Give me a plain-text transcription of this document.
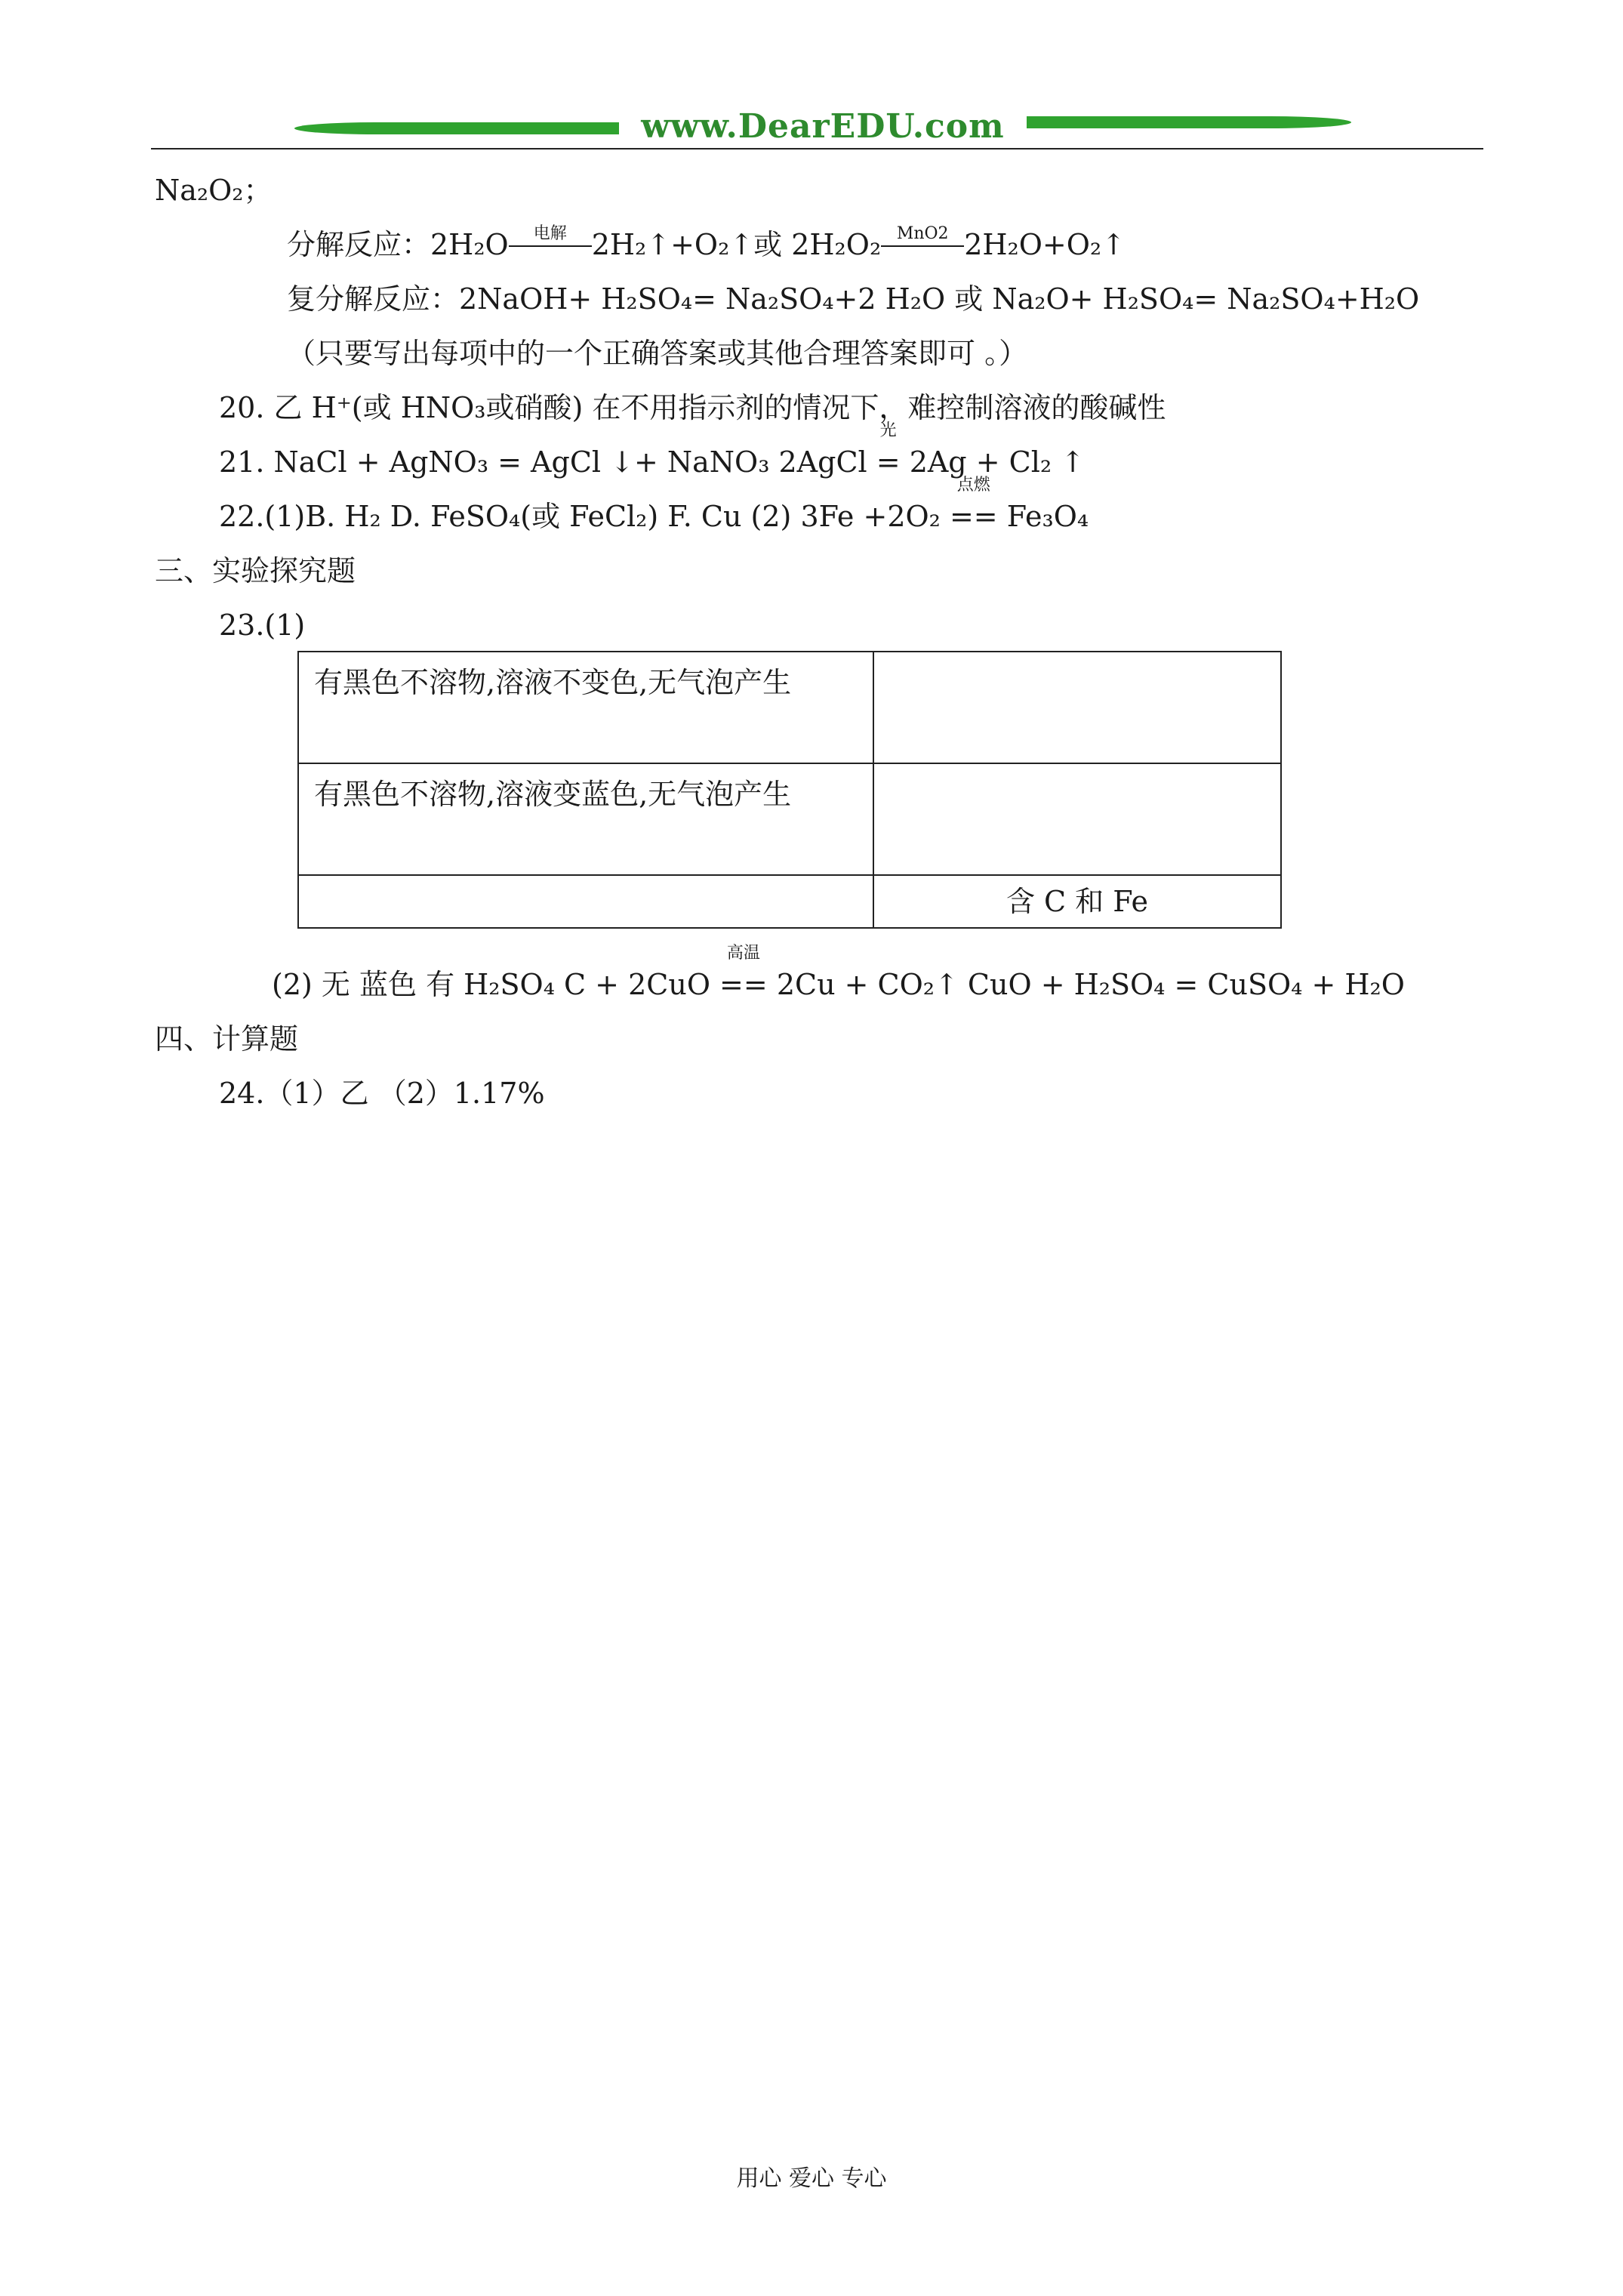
www.DearEDU.com
Na₂O₂；
分解反应：2H₂O	电解 2H₂↑+O₂↑或 2H₂O₂ MnO2 2H₂O+O₂↑
复分解反应：2NaOH+ H₂SO₄= Na₂SO₄+2 H₂O 或 Na₂O+ H₂SO₄= Na₂SO₄+H₂O
（只要写出每项中的一个正确答案或其他合理答案即可 。）
20. 乙 H⁺(或 HNO₃或硝酸) 在不用指示剂的情况下，难控制溶液的酸碱性
21. NaCl + AgNO₃ = AgCl ↓+ NaNO₃ 2AgCl
光
= 2Ag + Cl₂ ↑
22.(1)B. H₂ D. FeSO₄(或 FeCl₂) F. Cu (2) 3Fe +2O₂
点燃
== Fe₃O₄
三、实验探究题
23.(1)
有黑色不溶物,溶液不变色,无气泡产生	
有黑色不溶物,溶液变蓝色,无气泡产生	
	含 C 和 Fe
(2) 无 蓝色 有 H₂SO₄ C + 2CuO
高温
== 2Cu + CO₂↑ CuO + H₂SO₄ = CuSO₄ + H₂O
四、计算题
24.（1）乙 （2）1.17%
用心 爱心 专心
